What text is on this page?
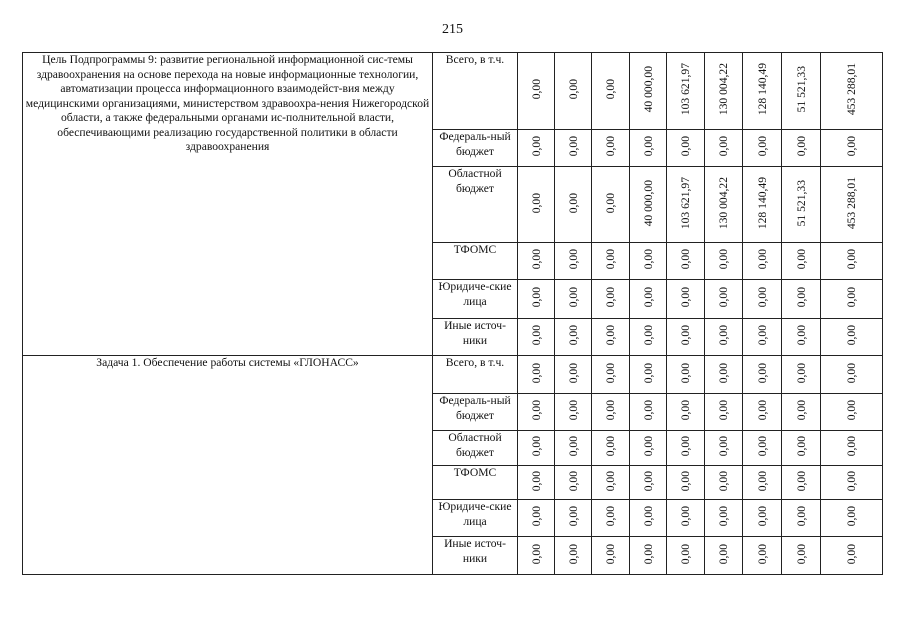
215
Цель Подпрограммы 9: развитие региональной информационной сис-темы здравоохранения на основе перехода на новые информационные технологии, автоматизации процесса информационного взаимодейст-вия между медицинскими организациями, министерством здравоохра-нения Нижегородской области, а также федеральными органами ис-полнительной власти, обеспечивающими реализацию государственной политики в области здравоохранения	Всего, в т.ч.	0,00	0,00	0,00	40 000,00	103 621,97	130 004,22	128 140,49	51 521,33	453 288,01
	Федераль-ный бюджет	0,00	0,00	0,00	0,00	0,00	0,00	0,00	0,00	0,00
	Областной бюджет	0,00	0,00	0,00	40 000,00	103 621,97	130 004,22	128 140,49	51 521,33	453 288,01
	ТФОМС	0,00	0,00	0,00	0,00	0,00	0,00	0,00	0,00	0,00
	Юридиче-ские лица	0,00	0,00	0,00	0,00	0,00	0,00	0,00	0,00	0,00
	Иные источ-ники	0,00	0,00	0,00	0,00	0,00	0,00	0,00	0,00	0,00
Задача 1. Обеспечение работы системы «ГЛОНАСС»	Всего, в т.ч.	0,00	0,00	0,00	0,00	0,00	0,00	0,00	0,00	0,00
	Федераль-ный бюджет	0,00	0,00	0,00	0,00	0,00	0,00	0,00	0,00	0,00
	Областной бюджет	0,00	0,00	0,00	0,00	0,00	0,00	0,00	0,00	0,00
	ТФОМС	0,00	0,00	0,00	0,00	0,00	0,00	0,00	0,00	0,00
	Юридиче-ские лица	0,00	0,00	0,00	0,00	0,00	0,00	0,00	0,00	0,00
	Иные источ-ники	0,00	0,00	0,00	0,00	0,00	0,00	0,00	0,00	0,00
